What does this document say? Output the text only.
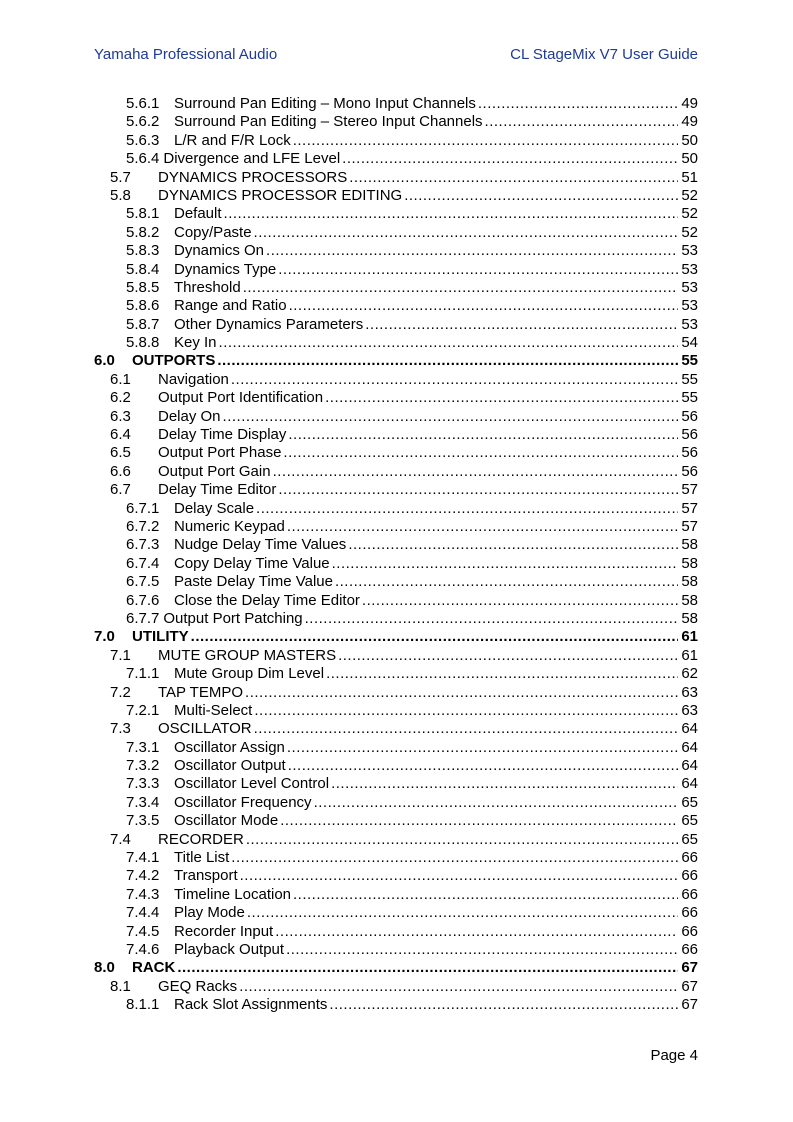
Yamaha Professional Audio	CL StageMix V7 User Guide
5.6.1 Surround Pan Editing – Mono Input Channels .....	49
5.6.2 Surround Pan Editing – Stereo Input Channels .....	49
5.6.3 L/R and F/R Lock .....	50
5.6.4 Divergence and LFE Level .....	50
5.7	DYNAMICS PROCESSORS .....	51
5.8	DYNAMICS PROCESSOR EDITING .....	52
5.8.1 Default .....	52
5.8.2 Copy/Paste .....	52
5.8.3 Dynamics On .....	53
5.8.4 Dynamics Type .....	53
5.8.5 Threshold .....	53
5.8.6 Range and Ratio .....	53
5.8.7 Other Dynamics Parameters .....	53
5.8.8 Key In .....	54
6.0	OUTPORTS .....	55
6.1	Navigation .....	55
6.2	Output Port Identification .....	55
6.3	Delay On .....	56
6.4	Delay Time Display .....	56
6.5	Output Port Phase .....	56
6.6	Output Port Gain .....	56
6.7	Delay Time Editor .....	57
6.7.1 Delay Scale .....	57
6.7.2 Numeric Keypad .....	57
6.7.3 Nudge Delay Time Values .....	58
6.7.4 Copy Delay Time Value .....	58
6.7.5 Paste Delay Time Value .....	58
6.7.6 Close the Delay Time Editor .....	58
6.7.7 Output Port Patching .....	58
7.0	UTILITY .....	61
7.1	MUTE GROUP MASTERS .....	61
7.1.1 Mute Group Dim Level .....	62
7.2	TAP TEMPO .....	63
7.2.1 Multi-Select .....	63
7.3	OSCILLATOR .....	64
7.3.1 Oscillator Assign .....	64
7.3.2 Oscillator Output .....	64
7.3.3 Oscillator Level Control .....	64
7.3.4 Oscillator Frequency .....	65
7.3.5 Oscillator Mode .....	65
7.4	RECORDER .....	65
7.4.1 Title List .....	66
7.4.2 Transport .....	66
7.4.3 Timeline Location .....	66
7.4.4 Play Mode .....	66
7.4.5 Recorder Input .....	66
7.4.6 Playback Output .....	66
8.0	RACK .....	67
8.1	GEQ Racks .....	67
8.1.1 Rack Slot Assignments .....	67
Page 4
